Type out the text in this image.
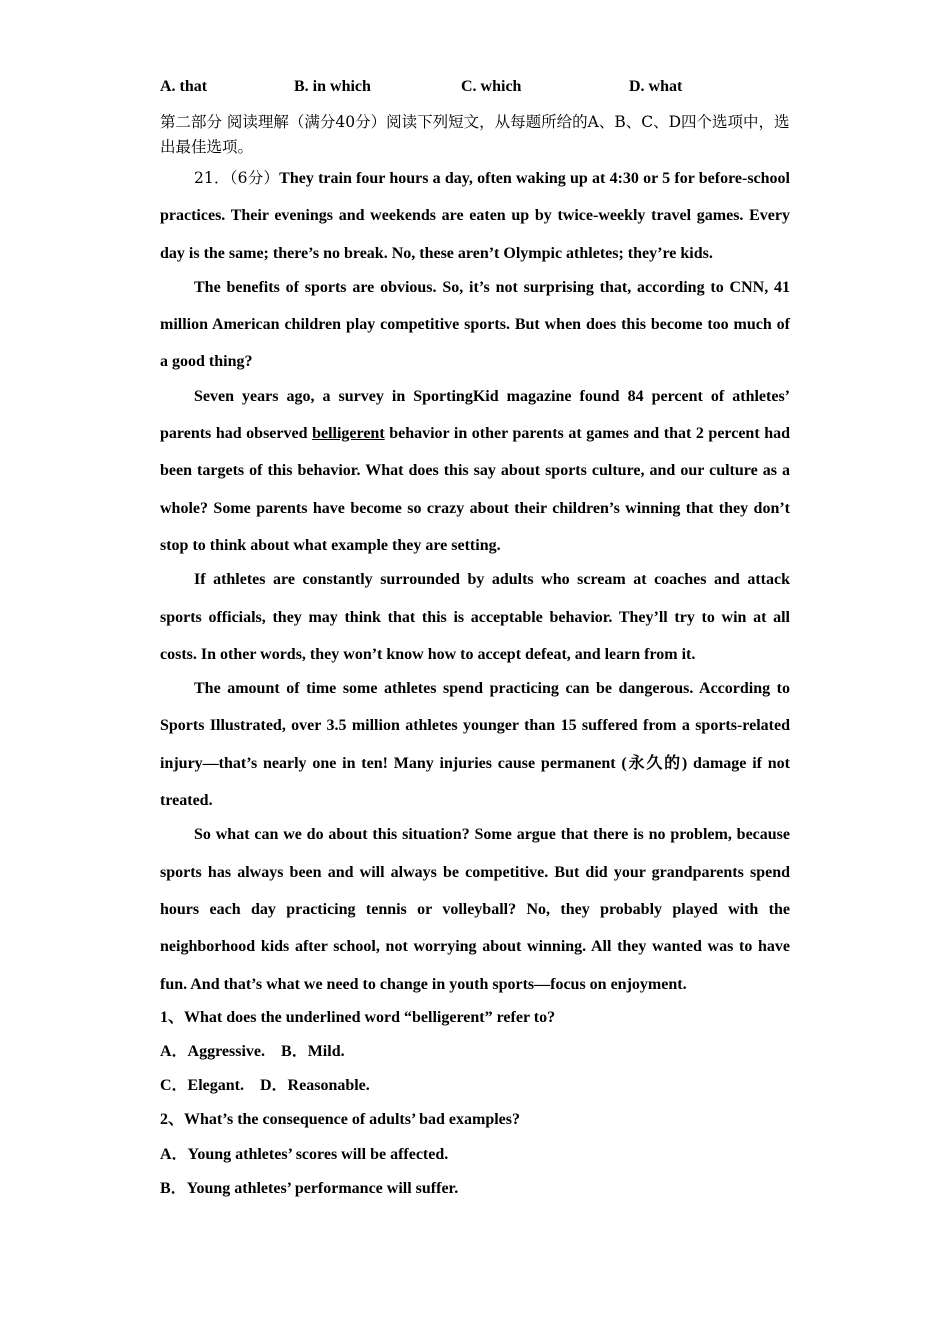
A. that	B. in which	C. which	D. what
第二部分 阅读理解（满分40分）阅读下列短文，从每题所给的A、B、C、D四个选项中，选出最佳选项。
21．（6分）They train four hours a day, often waking up at 4:30 or 5 for before-school practices. Their evenings and weekends are eaten up by twice-weekly travel games. Every day is the same; there’s no break. No, these aren’t Olympic athletes; they’re kids.
The benefits of sports are obvious. So, it’s not surprising that, according to CNN, 41 million American children play competitive sports. But when does this become too much of a good thing?
Seven years ago, a survey in SportingKid magazine found 84 percent of athletes’ parents had observed belligerent behavior in other parents at games and that 2 percent had been targets of this behavior. What does this say about sports culture, and our culture as a whole? Some parents have become so crazy about their children’s winning that they don’t stop to think about what example they are setting.
If athletes are constantly surrounded by adults who scream at coaches and attack sports officials, they may think that this is acceptable behavior. They’ll try to win at all costs. In other words, they won’t know how to accept defeat, and learn from it.
The amount of time some athletes spend practicing can be dangerous. According to Sports Illustrated, over 3.5 million athletes younger than 15 suffered from a sports-related injury—that’s nearly one in ten! Many injuries cause permanent (永久的) damage if not treated.
So what can we do about this situation? Some argue that there is no problem, because sports has always been and will always be competitive. But did your grandparents spend hours each day practicing tennis or volleyball? No, they probably played with the neighborhood kids after school, not worrying about winning. All they wanted was to have fun. And that’s what we need to change in youth sports—focus on enjoyment.
1、What does the underlined word “belligerent” refer to?
A．Aggressive.　B．Mild.
C．Elegant.　D．Reasonable.
2、What’s the consequence of adults’ bad examples?
A．Young athletes’ scores will be affected.
B．Young athletes’ performance will suffer.
